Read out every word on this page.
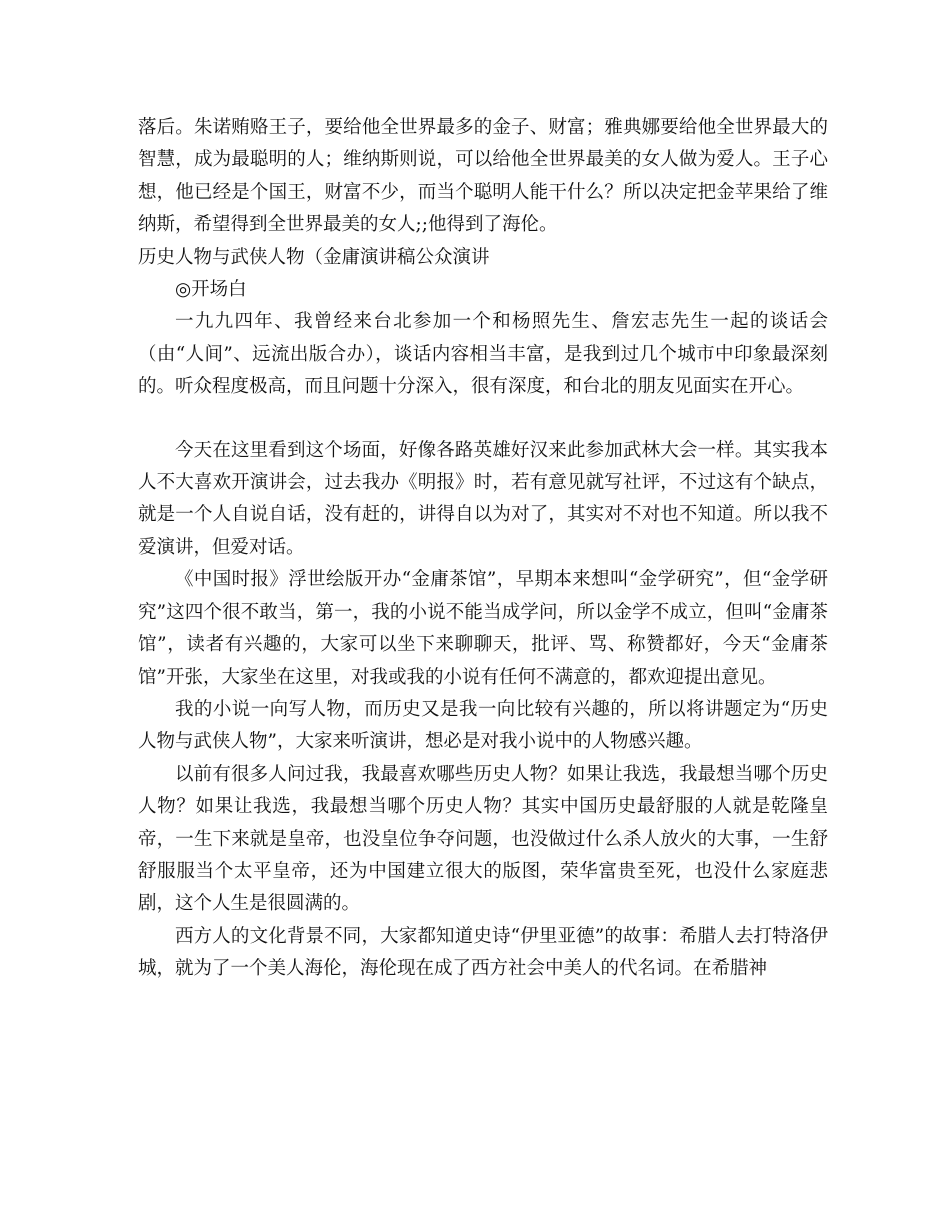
落后。朱诺贿赂王子，要给他全世界最多的金子、财富；雅典娜要给他全世界最大的智慧，成为最聪明的人；维纳斯则说，可以给他全世界最美的女人做为爱人。王子心想，他已经是个国王，财富不少，而当个聪明人能干什么？所以决定把金苹果给了维纳斯，希望得到全世界最美的女人;;他得到了海伦。

历史人物与武侠人物（金庸演讲稿公众演讲

◎开场白

一九九四年、我曾经来台北参加一个和杨照先生、詹宏志先生一起的谈话会（由“人间”、远流出版合办），谈话内容相当丰富，是我到过几个城市中印象最深刻的。听众程度极高，而且问题十分深入，很有深度，和台北的朋友见面实在开心。

今天在这里看到这个场面，好像各路英雄好汉来此参加武林大会一样。其实我本人不大喜欢开演讲会，过去我办《明报》时，若有意见就写社评，不过这有个缺点，就是一个人自说自话，没有赶的，讲得自以为对了，其实对不对也不知道。所以我不爱演讲，但爱对话。

《中国时报》浮世绘版开办“金庸茶馆”，早期本来想叫“金学研究”，但“金学研究”这四个很不敢当，第一，我的小说不能当成学问，所以金学不成立，但叫“金庸茶馆”，读者有兴趣的，大家可以坐下来聊聊天，批评、骂、称赞都好，今天“金庸茶馆”开张，大家坐在这里，对我或我的小说有任何不满意的，都欢迎提出意见。

我的小说一向写人物，而历史又是我一向比较有兴趣的，所以将讲题定为“历史人物与武侠人物”，大家来听演讲，想必是对我小说中的人物感兴趣。

以前有很多人问过我，我最喜欢哪些历史人物？如果让我选，我最想当哪个历史人物？如果让我选，我最想当哪个历史人物？其实中国历史最舒服的人就是乾隆皇帝，一生下来就是皇帝，也没皇位争夺问题，也没做过什么杀人放火的大事，一生舒舒服服当个太平皇帝，还为中国建立很大的版图，荣华富贵至死，也没什么家庭悲剧，这个人生是很圆满的。

西方人的文化背景不同，大家都知道史诗“伊里亚德”的故事：希腊人去打特洛伊城，就为了一个美人海伦，海伦现在成了西方社会中美人的代名词。在希腊神
